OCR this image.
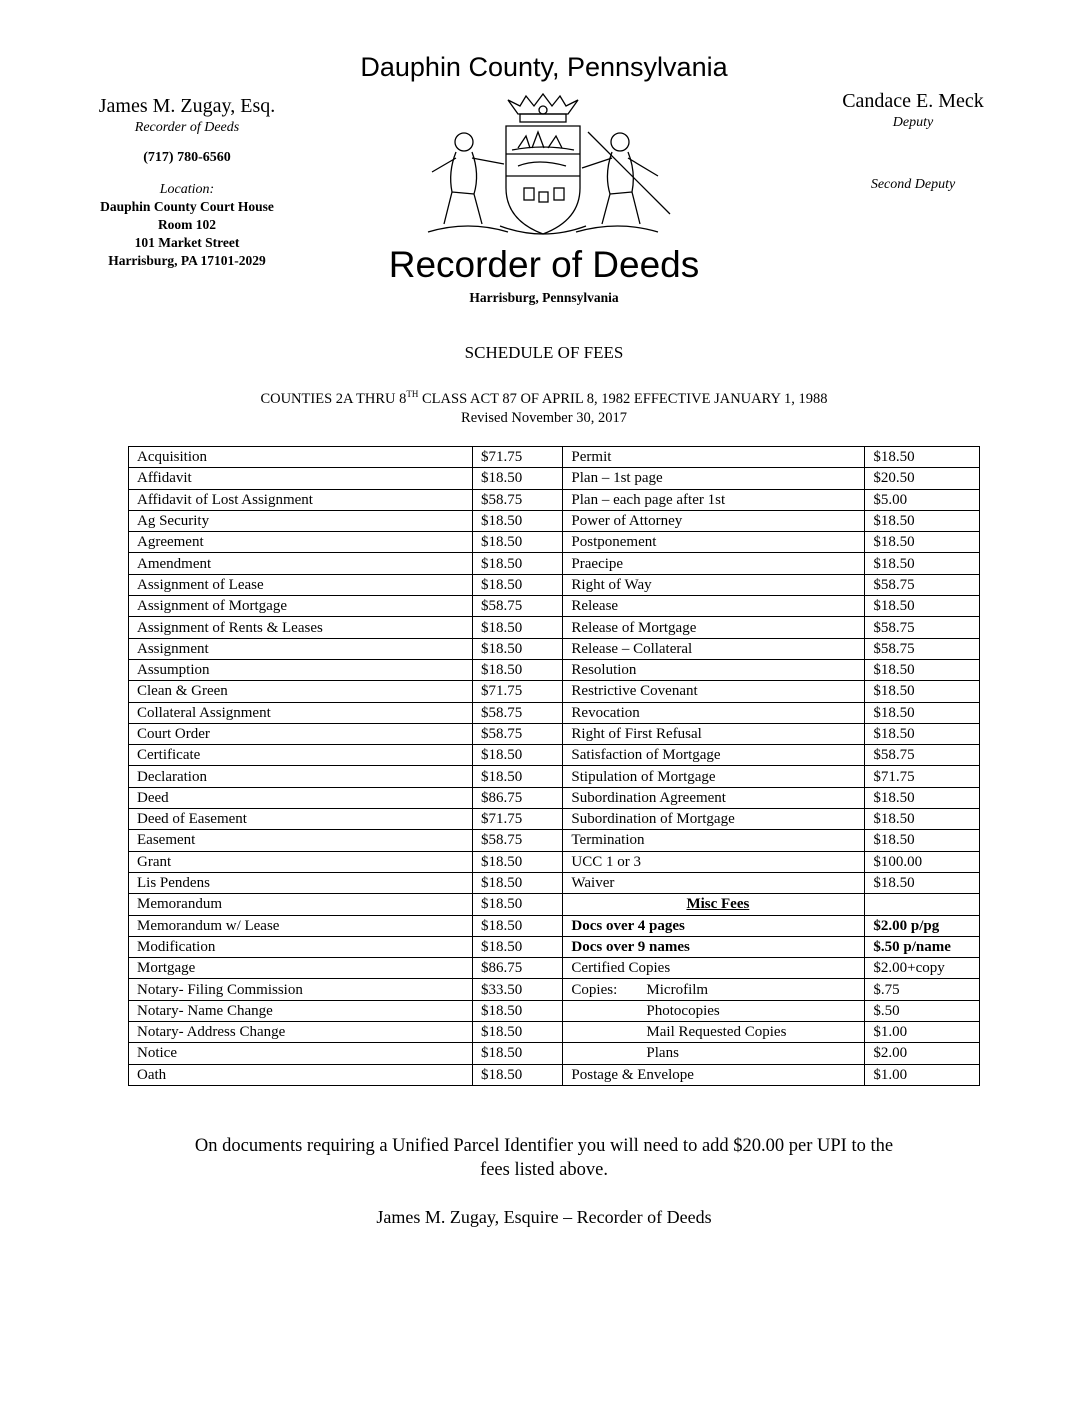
Dauphin County, Pennsylvania
James M. Zugay, Esq.
Recorder of Deeds
(717) 780-6560
Location:
Dauphin County Court House
Room 102
101 Market Street
Harrisburg, PA 17101-2029
Candace E. Meck
Deputy
Second Deputy
Recorder of Deeds
Harrisburg, Pennsylvania
SCHEDULE OF FEES
COUNTIES 2A THRU 8TH CLASS ACT 87 OF APRIL 8, 1982 EFFECTIVE JANUARY 1, 1988
Revised November 30, 2017
Acquisition	$71.75	Permit	$18.50
Affidavit	$18.50	Plan – 1st page	$20.50
Affidavit of Lost Assignment	$58.75	Plan – each page after 1st	$5.00
Ag Security	$18.50	Power of Attorney	$18.50
Agreement	$18.50	Postponement	$18.50
Amendment	$18.50	Praecipe	$18.50
Assignment of Lease	$18.50	Right of Way	$58.75
Assignment of Mortgage	$58.75	Release	$18.50
Assignment of Rents & Leases	$18.50	Release of Mortgage	$58.75
Assignment	$18.50	Release – Collateral	$58.75
Assumption	$18.50	Resolution	$18.50
Clean & Green	$71.75	Restrictive Covenant	$18.50
Collateral Assignment	$58.75	Revocation	$18.50
Court Order	$58.75	Right of First Refusal	$18.50
Certificate	$18.50	Satisfaction of Mortgage	$58.75
Declaration	$18.50	Stipulation of Mortgage	$71.75
Deed	$86.75	Subordination Agreement	$18.50
Deed of Easement	$71.75	Subordination of Mortgage	$18.50
Easement	$58.75	Termination	$18.50
Grant	$18.50	UCC 1 or 3	$100.00
Lis Pendens	$18.50	Waiver	$18.50
Memorandum	$18.50	Misc Fees	
Memorandum w/ Lease	$18.50	Docs over 4 pages	$2.00 p/pg
Modification	$18.50	Docs over 9 names	$.50 p/name
Mortgage	$86.75	Certified Copies	$2.00+copy
Notary- Filing Commission	$33.50	Copies: Microfilm	$.75
Notary- Name Change	$18.50	Photocopies	$.50
Notary- Address Change	$18.50	Mail Requested Copies	$1.00
Notice	$18.50	Plans	$2.00
Oath	$18.50	Postage & Envelope	$1.00
On documents requiring a Unified Parcel Identifier you will need to add $20.00 per UPI to the
fees listed above.
James M. Zugay, Esquire – Recorder of Deeds
